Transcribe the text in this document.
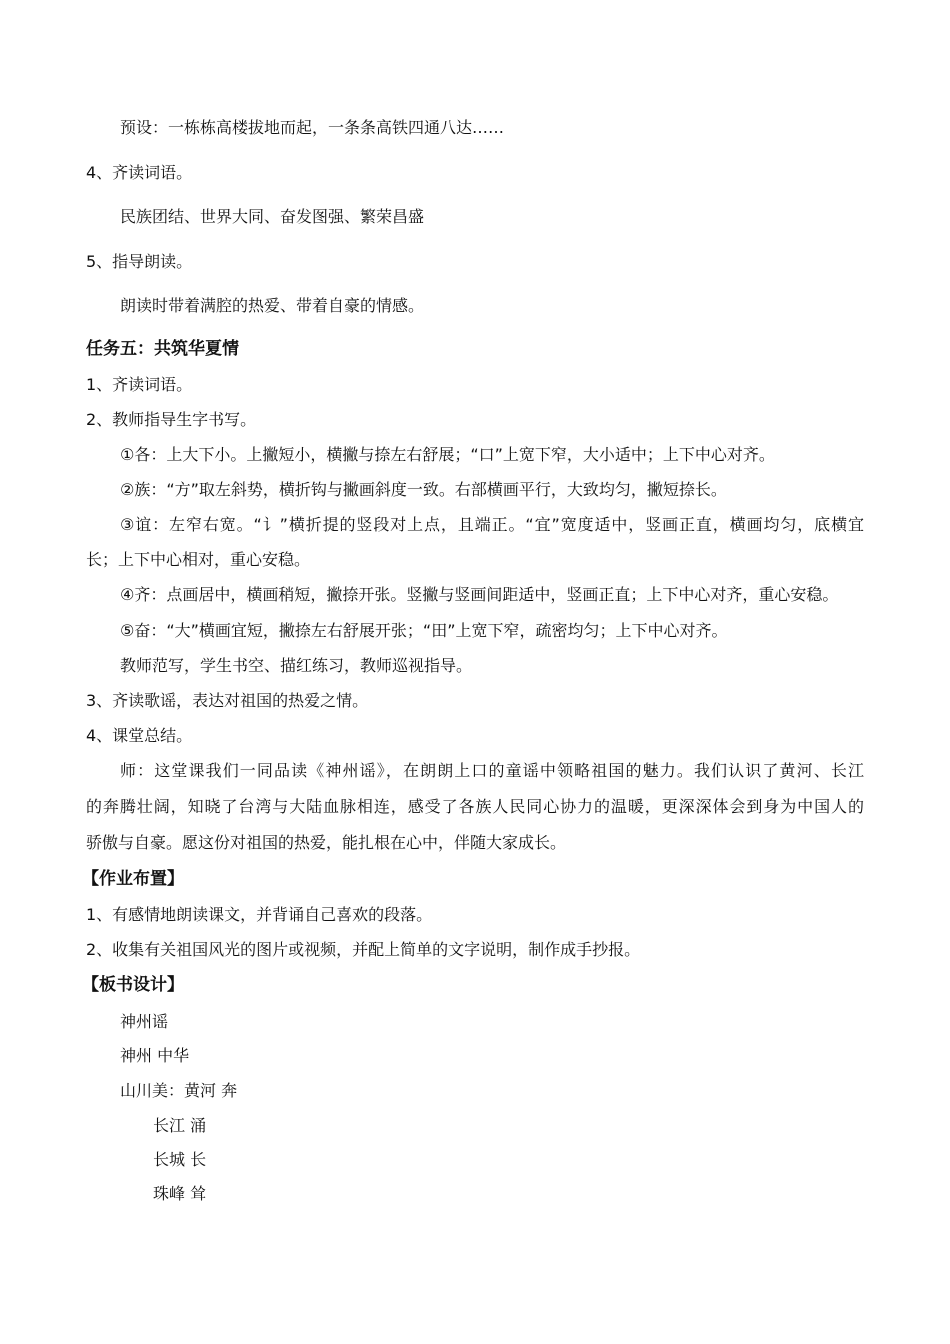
预设：一栋栋高楼拔地而起，一条条高铁四通八达……
4、齐读词语。
民族团结、世界大同、奋发图强、繁荣昌盛
5、指导朗读。
朗读时带着满腔的热爱、带着自豪的情感。
任务五：共筑华夏情
1、齐读词语。
2、教师指导生字书写。
①各：上大下小。上撇短小，横撇与捺左右舒展；“口”上宽下窄，大小适中；上下中心对齐。
②族：“方”取左斜势，横折钩与撇画斜度一致。右部横画平行，大致均匀，撇短捺长。
③谊：左窄右宽。“讠”横折提的竖段对上点，且端正。“宜”宽度适中，竖画正直，横画均匀，底横宜
长；上下中心相对，重心安稳。
④齐：点画居中，横画稍短，撇捺开张。竖撇与竖画间距适中，竖画正直；上下中心对齐，重心安稳。
⑤奋：“大”横画宜短，撇捺左右舒展开张；“田”上宽下窄，疏密均匀；上下中心对齐。
教师范写，学生书空、描红练习，教师巡视指导。
3、齐读歌谣，表达对祖国的热爱之情。
4、课堂总结。
师：这堂课我们一同品读《神州谣》，在朗朗上口的童谣中领略祖国的魅力。我们认识了黄河、长江
的奔腾壮阔，知晓了台湾与大陆血脉相连，感受了各族人民同心协力的温暖，更深深体会到身为中国人的
骄傲与自豪。愿这份对祖国的热爱，能扎根在心中，伴随大家成长。
【作业布置】
1、有感情地朗读课文，并背诵自己喜欢的段落。
2、收集有关祖国风光的图片或视频，并配上简单的文字说明，制作成手抄报。
【板书设计】
神州谣
神州 中华
山川美：黄河 奔
长江 涌
长城 长
珠峰 耸
